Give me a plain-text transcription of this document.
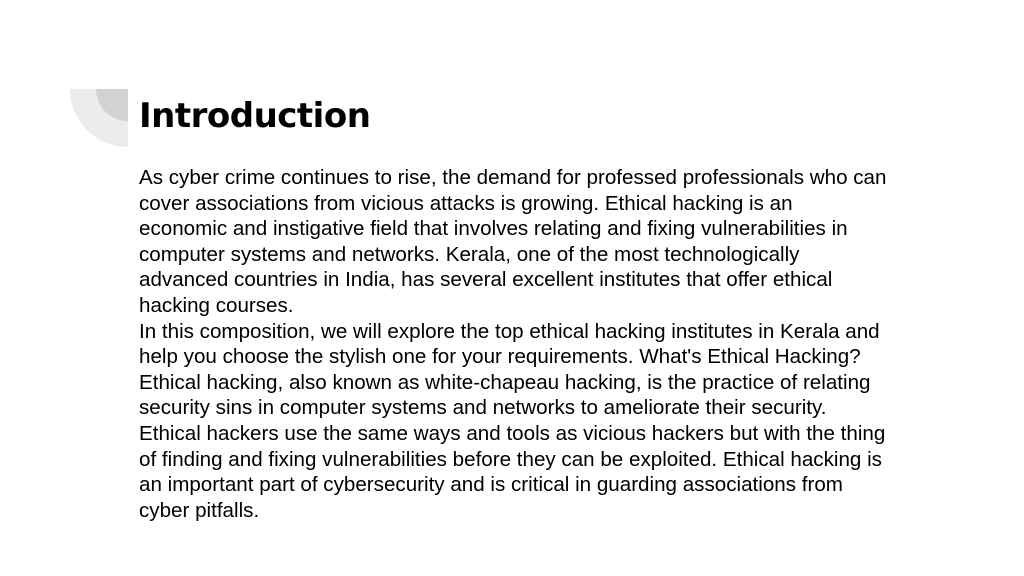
Introduction

As cyber crime continues to rise, the demand for professed professionals who can
cover associations from vicious attacks is growing. Ethical hacking is an
economic and instigative field that involves relating and fixing vulnerabilities in
computer systems and networks. Kerala, one of the most technologically
advanced countries in India, has several excellent institutes that offer ethical
hacking courses.

In this composition, we will explore the top ethical hacking institutes in Kerala and
help you choose the stylish one for your requirements. What's Ethical Hacking?
Ethical hacking, also known as white-chapeau hacking, is the practice of relating
security sins in computer systems and networks to ameliorate their security.
Ethical hackers use the same ways and tools as vicious hackers but with the thing
of finding and fixing vulnerabilities before they can be exploited. Ethical hacking is
an important part of cybersecurity and is critical in guarding associations from
cyber pitfalls.
